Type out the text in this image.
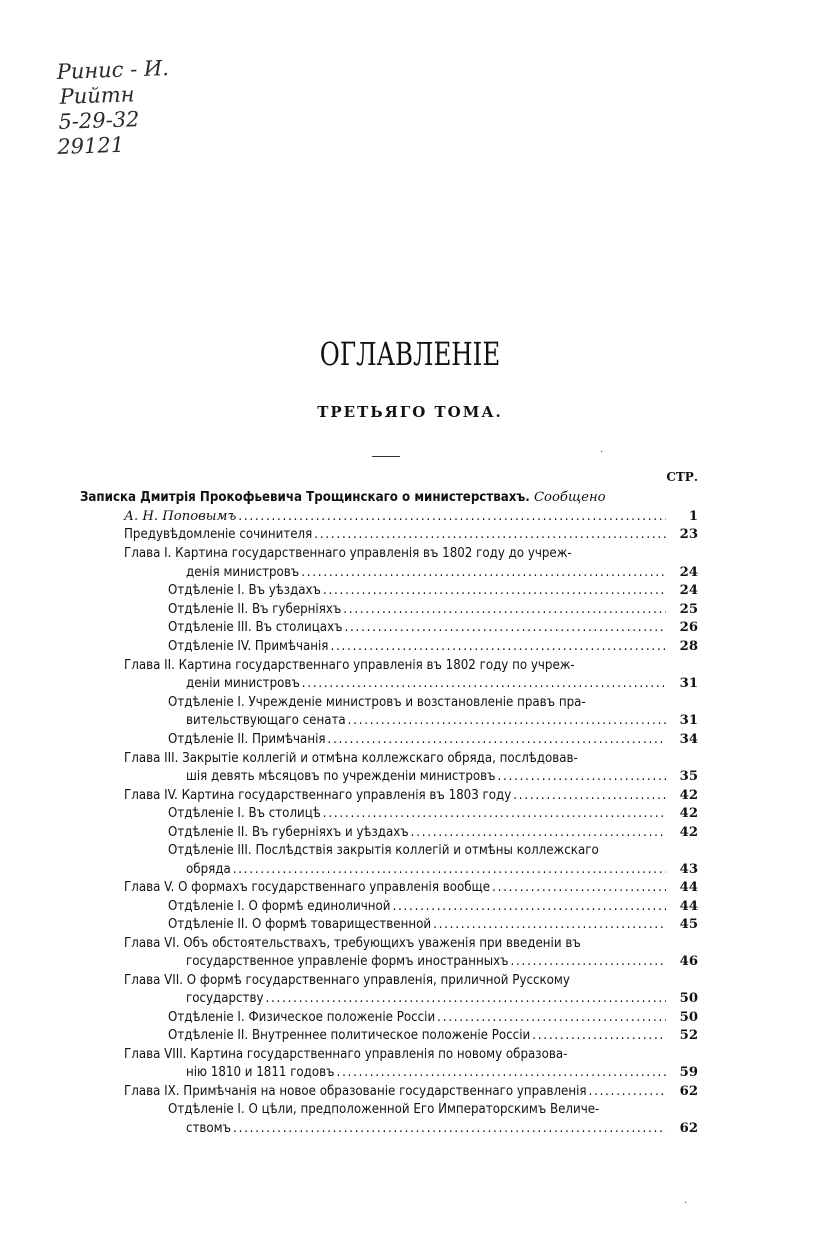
Ринис - И.
Рийтн
5-29-32
29121
ОГЛАВЛЕНIЕ
ТРЕТЬЯГО ТОМА.
·
·
СТР.
Записка Дмитрiя Прокофьевича Трощинскаго о министерствахъ. Сообщено
А. Н. Поповымъ . . .	1
Предувѣдомленiе сочинителя . . .	23
Глава I. Картина государственнаго управленiя въ 1802 году до учреж-
денiя министровъ . . .	24
Отдѣленiе I. Въ уѣздахъ . . .	24
Отдѣленiе II. Въ губернiяхъ . . .	25
Отдѣленiе III. Въ столицахъ . . .	26
Отдѣленiе IV. Примѣчанiя . . .	28
Глава II. Картина государственнаго управленiя въ 1802 году по учреж-
денiи министровъ . . .	31
Отдѣленiе I. Учрежденiе министровъ и возстановленiе правъ пра-
вительствующаго сената . . .	31
Отдѣленiе II. Примѣчанiя . . .	34
Глава III. Закрытiе коллегiй и отмѣна коллежскаго обряда, послѣдовав-
шiя девять мѣсяцовъ по учрежденiи министровъ . . .	35
Глава IV. Картина государственнаго управленiя въ 1803 году . . .	42
Отдѣленiе I. Въ столицѣ . . .	42
Отдѣленiе II. Въ губернiяхъ и уѣздахъ . . .	42
Отдѣленiе III. Послѣдствiя закрытiя коллегiй и отмѣны коллежскаго
обряда . . .	43
Глава V. О формахъ государственнаго управленiя вообще . . .	44
Отдѣленiе I. О формѣ единоличной . . .	44
Отдѣленiе II. О формѣ товарищественной . . .	45
Глава VI. Объ обстоятельствахъ, требующихъ уваженiя при введенiи въ
государственное управленiе формъ иностранныхъ . . .	46
Глава VII. О формѣ государственнаго управленiя, приличной Русскому
государству . . .	50
Отдѣленiе I. Физическое положенiе Россiи . . .	50
Отдѣленiе II. Внутреннее политическое положенiе Россiи . . .	52
Глава VIII. Картина государственнаго управленiя по новому образова-
нiю 1810 и 1811 годовъ . . .	59
Глава IX. Примѣчанiя на новое образованiе государственнаго управленiя . . .	62
Отдѣленiе I. О цѣли, предположенной Его Императорскимъ Величе-
ствомъ . . .	62
